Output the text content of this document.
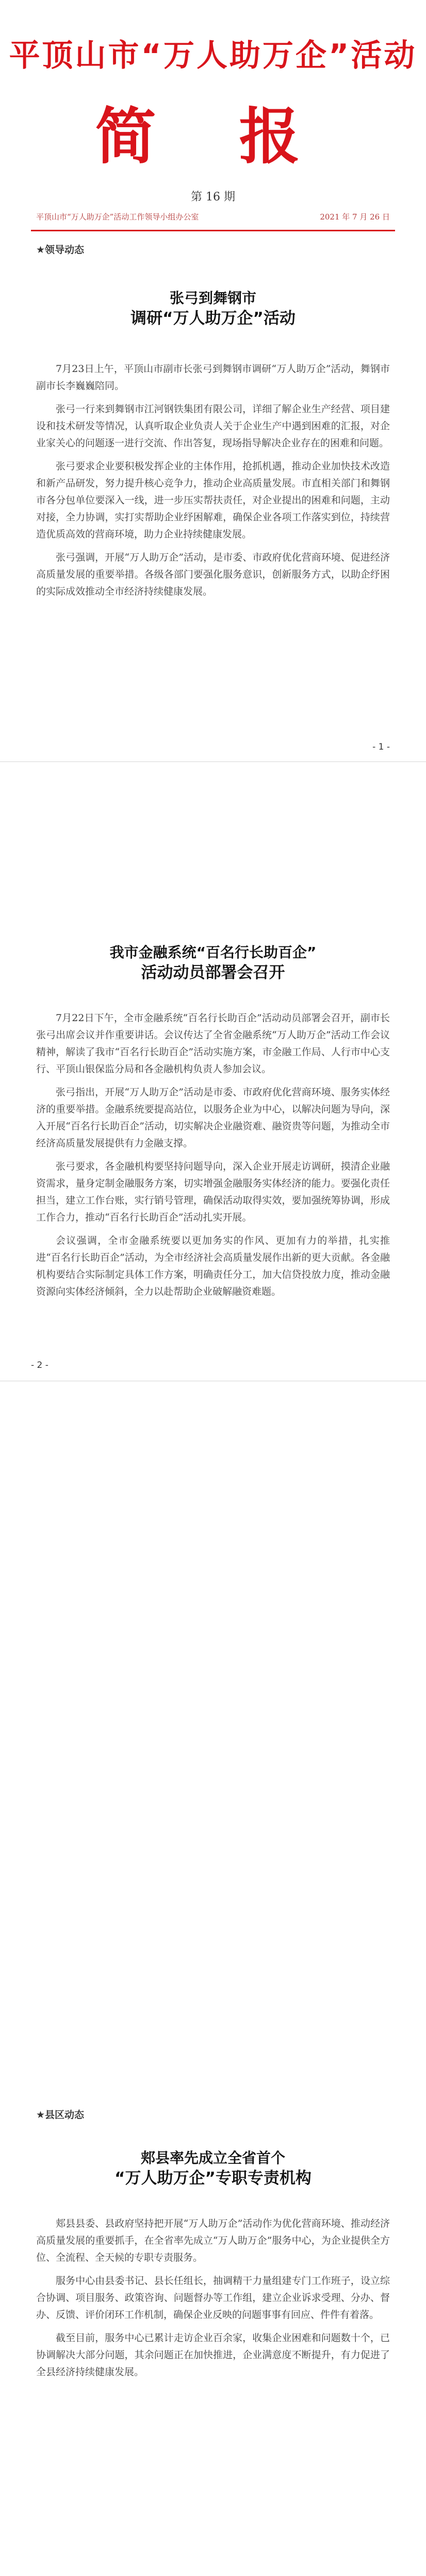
平顶山市“万人助万企”活动
简 报
第 16 期
平顶山市“万人助万企”活动工作领导小组办公室	2021 年 7 月 26 日
★领导动态
张弓到舞钢市
调研“万人助万企”活动

7月23日上午，平顶山市副市长张弓到舞钢市调研“万人助万企”活动，舞钢市副市长李巍巍陪同。

张弓一行来到舞钢市江河钢铁集团有限公司，详细了解企业生产经营、项目建设和技术研发等情况，认真听取企业负责人关于企业生产中遇到困难的汇报，对企业家关心的问题逐一进行交流、作出答复，现场指导解决企业存在的困难和问题。

张弓要求企业要积极发挥企业的主体作用，抢抓机遇，推动企业加快技术改造和新产品研发，努力提升核心竞争力，推动企业高质量发展。市直相关部门和舞钢市各分包单位要深入一线，进一步压实帮扶责任，对企业提出的困难和问题，主动对接，全力协调，实打实帮助企业纾困解难，确保企业各项工作落实到位，持续营造优质高效的营商环境，助力企业持续健康发展。

张弓强调，开展“万人助万企”活动，是市委、市政府优化营商环境、促进经济高质量发展的重要举措。各级各部门要强化服务意识，创新服务方式，以助企纾困的实际成效推动全市经济持续健康发展。

- 1 -
我市金融系统“百名行长助百企”
活动动员部署会召开

7月22日下午，全市金融系统“百名行长助百企”活动动员部署会召开，副市长张弓出席会议并作重要讲话。会议传达了全省金融系统“万人助万企”活动工作会议精神，解读了我市“百名行长助百企”活动实施方案，市金融工作局、人行市中心支行、平顶山银保监分局和各金融机构负责人参加会议。

张弓指出，开展“万人助万企”活动是市委、市政府优化营商环境、服务实体经济的重要举措。金融系统要提高站位，以服务企业为中心，以解决问题为导向，深入开展“百名行长助百企”活动，切实解决企业融资难、融资贵等问题，为推动全市经济高质量发展提供有力金融支撑。

张弓要求，各金融机构要坚持问题导向，深入企业开展走访调研，摸清企业融资需求，量身定制金融服务方案，切实增强金融服务实体经济的能力。要强化责任担当，建立工作台账，实行销号管理，确保活动取得实效，要加强统筹协调，形成工作合力，推动“百名行长助百企”活动扎实开展。

会议强调，全市金融系统要以更加务实的作风、更加有力的举措，扎实推进“百名行长助百企”活动，为全市经济社会高质量发展作出新的更大贡献。各金融机构要结合实际制定具体工作方案，明确责任分工，加大信贷投放力度，推动金融资源向实体经济倾斜，全力以赴帮助企业破解融资难题。

- 2 -
★县区动态
郏县率先成立全省首个
“万人助万企”专职专责机构

郏县县委、县政府坚持把开展“万人助万企”活动作为优化营商环境、推动经济高质量发展的重要抓手，在全省率先成立“万人助万企”服务中心，为企业提供全方位、全流程、全天候的专职专责服务。

服务中心由县委书记、县长任组长，抽调精干力量组建专门工作班子，设立综合协调、项目服务、政策咨询、问题督办等工作组，建立企业诉求受理、分办、督办、反馈、评价闭环工作机制，确保企业反映的问题事事有回应、件件有着落。

截至目前，服务中心已累计走访企业百余家，收集企业困难和问题数十个，已协调解决大部分问题，其余问题正在加快推进，企业满意度不断提升，有力促进了全县经济持续健康发展。
